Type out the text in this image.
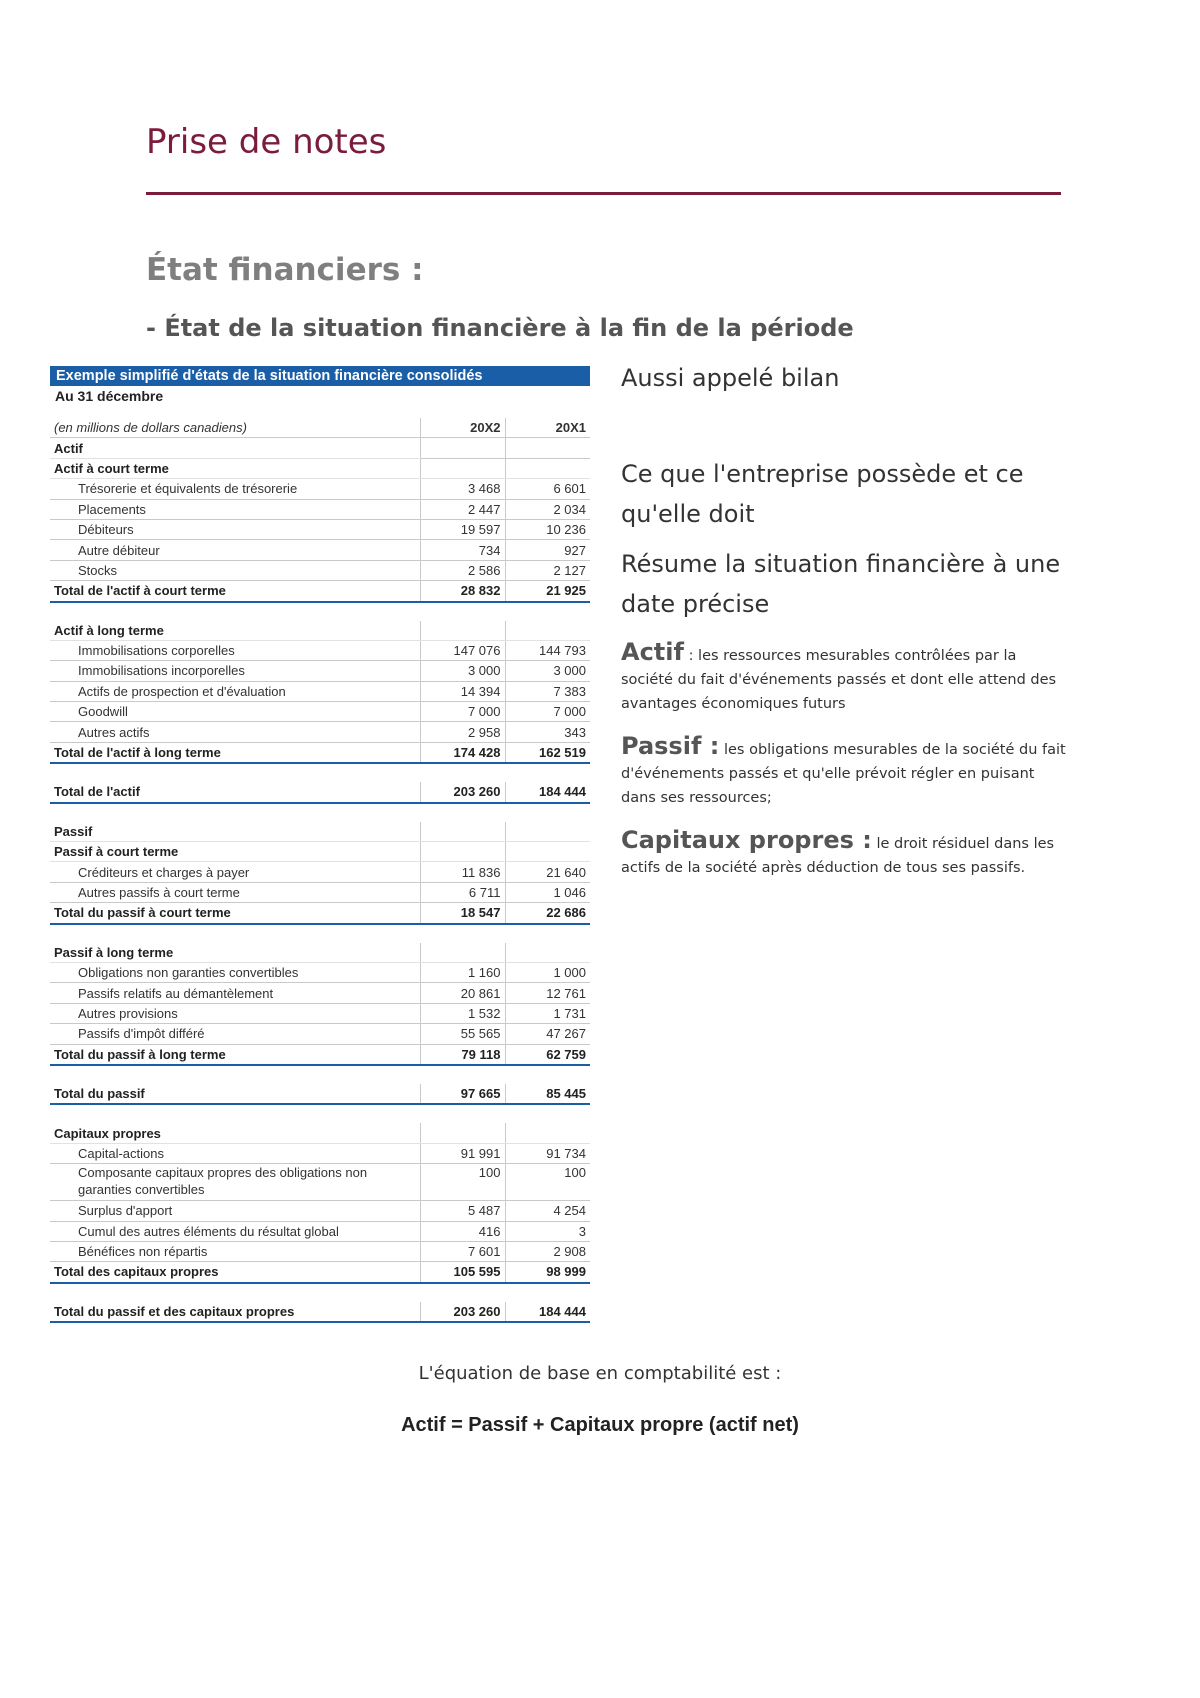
Prise de notes
État financiers :
- État de la situation financière à la fin de la période
Exemple simplifié d'états de la situation financière consolidés
Au 31 décembre
(en millions de dollars canadiens)	20X2	20X1
Actif		
Actif à court terme		
Trésorerie et équivalents de trésorerie	3 468	6 601
Placements	2 447	2 034
Débiteurs	19 597	10 236
Autre débiteur	734	927
Stocks	2 586	2 127
Total de l'actif à court terme	28 832	21 925

Actif à long terme		
Immobilisations corporelles	147 076	144 793
Immobilisations incorporelles	3 000	3 000
Actifs de prospection et d'évaluation	14 394	7 383
Goodwill	7 000	7 000
Autres actifs	2 958	343
Total de l'actif à long terme	174 428	162 519

Total de l'actif	203 260	184 444

Passif		
Passif à court terme		
Créditeurs et charges à payer	11 836	21 640
Autres passifs à court terme	6 711	1 046
Total du passif à court terme	18 547	22 686

Passif à long terme		
Obligations non garanties convertibles	1 160	1 000
Passifs relatifs au démantèlement	20 861	12 761
Autres provisions	1 532	1 731
Passifs d'impôt différé	55 565	47 267
Total du passif à long terme	79 118	62 759

Total du passif	97 665	85 445

Capitaux propres		
Capital-actions	91 991	91 734
Composante capitaux propres des obligations non garanties convertibles	100	100
Surplus d'apport	5 487	4 254
Cumul des autres éléments du résultat global	416	3
Bénéfices non répartis	7 601	2 908
Total des capitaux propres	105 595	98 999

Total du passif et des capitaux propres	203 260	184 444
Aussi appelé bilan
Ce que l'entreprise possède et ce qu'elle doit
Résume la situation financière à une date précise
Actif : les ressources mesurables contrôlées par la société du fait d'événements passés et dont elle attend des avantages économiques futurs
Passif : les obligations mesurables de la société du fait d'événements passés et qu'elle prévoit régler en puisant dans ses ressources;
Capitaux propres : le droit résiduel dans les actifs de la société après déduction de tous ses passifs.
L'équation de base en comptabilité est :
Actif = Passif + Capitaux propre (actif net)
